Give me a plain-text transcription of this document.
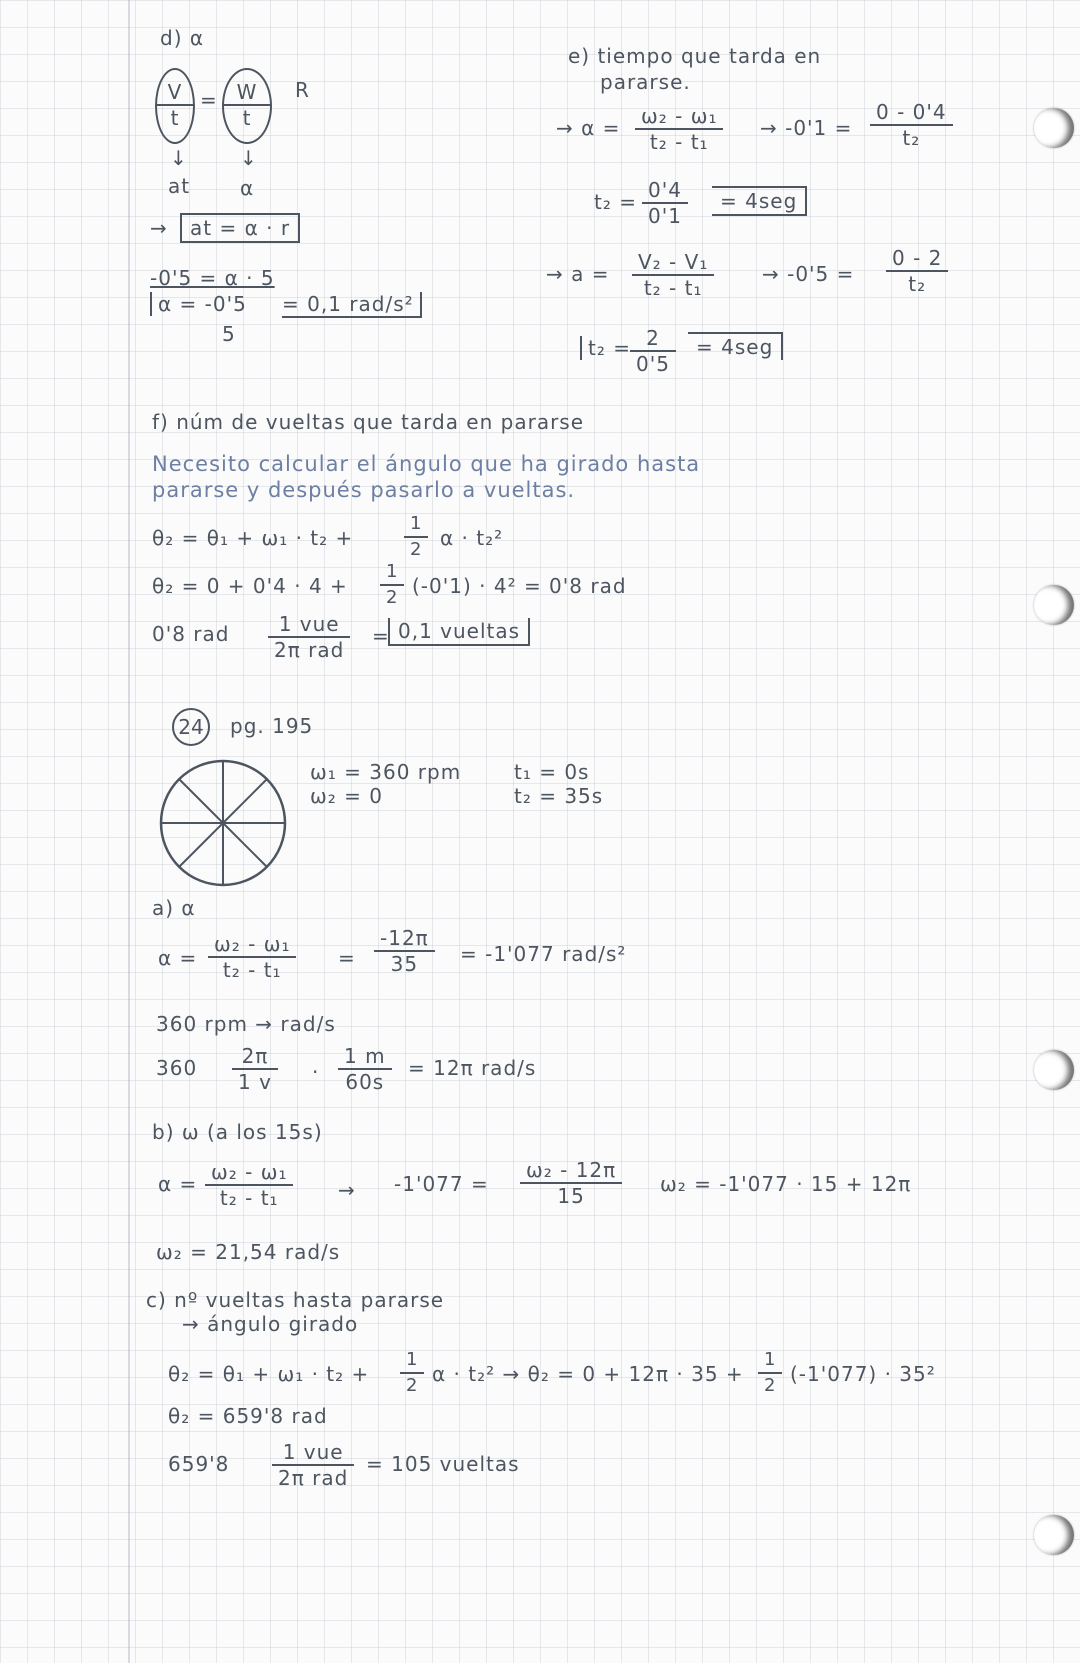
d) α
$\frac{V}{t} = \frac{W}{t}$ R
↓	↓
at α
→	at = α · r
-0'5 = α · 5
α = -0'5
5
= 0,1 rad/s²
e) tiempo que tarda en
pararse.
→ $\alpha = \frac{\text{ω₂ - ω₁}}{\text{t₂ - t₁}} \to -0'1 = \frac{0 - 0'4}{\text{t₂}}$
$t_2 = \frac{0'4}{0'1}$	= 4seg
→ $a = \frac{\text{V₂ - V₁}}{\text{t₂ - t₁}} \to -0'5 = \frac{0 - 2}{\text{t₂}}$
$t_2 = \frac{2}{0'5}$	= 4seg
f) núm de vueltas que tarda en pararse
Necesito calcular el ángulo que ha girado hasta
pararse y después pasarlo a vueltas.
θ₂ = θ₁ + ω₁ · t₂ +	$\frac{1}{2}$ α · t₂²
$\theta_2 = 0 + 0'4 \cdot 4 + \frac{1}{2} (-0'1) \cdot 4^2 = 0'8$ rad
0'8 rad	1 vue
2π rad
= 0,1 vueltas
24	pg. 195
ω₁ = 360 rpm
ω₂ = 0
t₁ = 0s
t₂ = 35s
a) α
$\alpha = \frac{\text{ω₂ - ω₁}}{\text{t₂ - t₁}} = \frac{-12\pi}{35} = -1'077$ rad/s²
360 rpm → rad/s
$360 \frac{2\pi}{1 v} \cdot \frac{1 m}{60s} = 12\pi$ rad/s
b) ω (a los 15s)
$\alpha = \frac{\text{ω₂ - ω₁}}{\text{t₂ - t₁}} \to -1'077 = \frac{\text{ω₂ - 12π}}{15} \omega_2 = -1'077 \cdot 15 + 12\pi$
ω₂ = 21,54 rad/s
c) nº vueltas hasta pararse
→ ángulo girado
$\theta_2 = \theta_1 + \omega_1 \cdot t_2 + \frac{1}{2}$ $\alpha \cdot t_2^2 \to \theta_2 = 0 + 12\pi \cdot 35 + \frac{1}{2} (-1'077) \cdot 35^2$
θ₂ = 659'8 rad
659'8	1 vue
2π rad
= 105 vueltas
